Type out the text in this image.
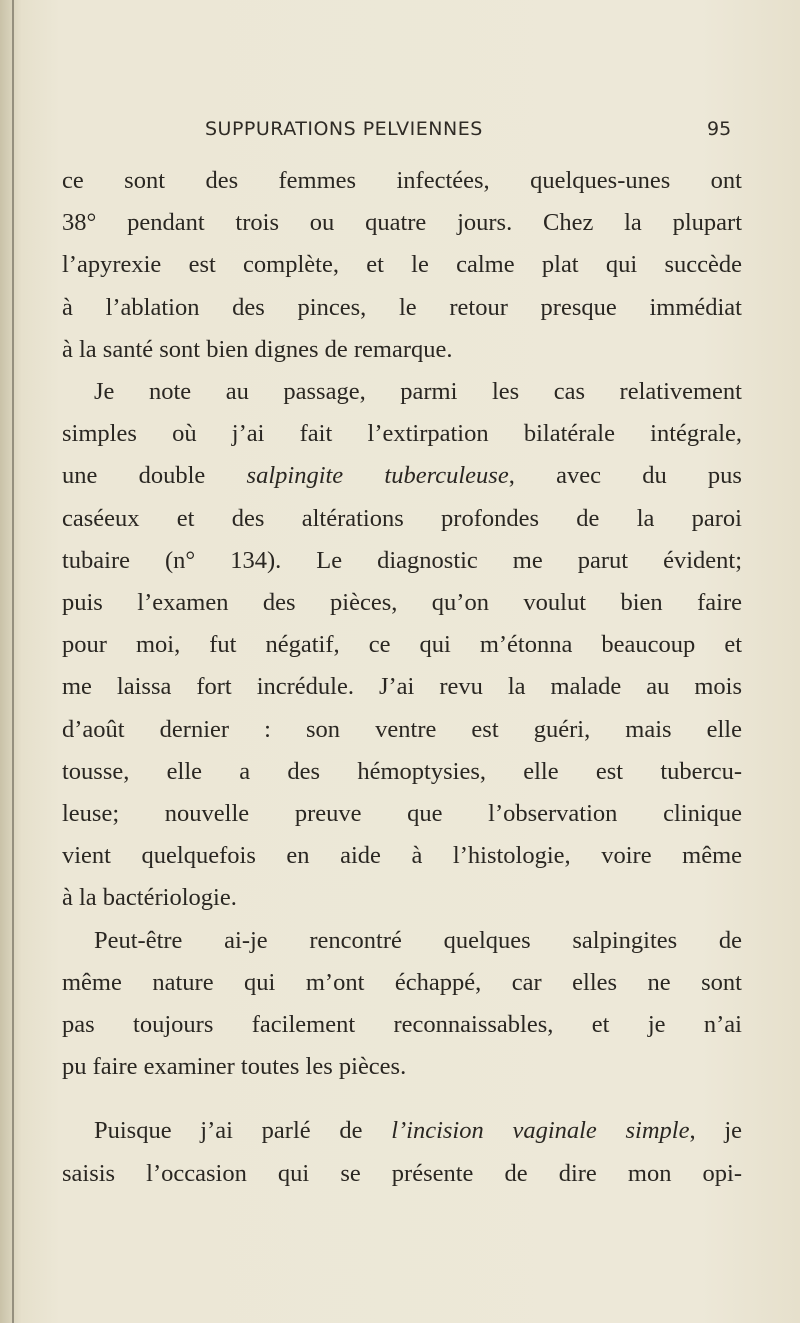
SUPPURATIONS PELVIENNES	95
ce sont des femmes infectées, quelques-unes ont
38° pendant trois ou quatre jours. Chez la plupart
l’apyrexie est complète, et le calme plat qui succède
à l’ablation des pinces, le retour presque immédiat
à la santé sont bien dignes de remarque.
Je note au passage, parmi les cas relativement
simples où j’ai fait l’extirpation bilatérale intégrale,
une double salpingite tuberculeuse, avec du pus
caséeux et des altérations profondes de la paroi
tubaire (n° 134). Le diagnostic me parut évident;
puis l’examen des pièces, qu’on voulut bien faire
pour moi, fut négatif, ce qui m’étonna beaucoup et
me laissa fort incrédule. J’ai revu la malade au mois
d’août dernier : son ventre est guéri, mais elle
tousse, elle a des hémoptysies, elle est tubercu-
leuse; nouvelle preuve que l’observation clinique
vient quelquefois en aide à l’histologie, voire même
à la bactériologie.
Peut-être ai-je rencontré quelques salpingites de
même nature qui m’ont échappé, car elles ne sont
pas toujours facilement reconnaissables, et je n’ai
pu faire examiner toutes les pièces.
Puisque j’ai parlé de l’incision vaginale simple, je
saisis l’occasion qui se présente de dire mon opi-
